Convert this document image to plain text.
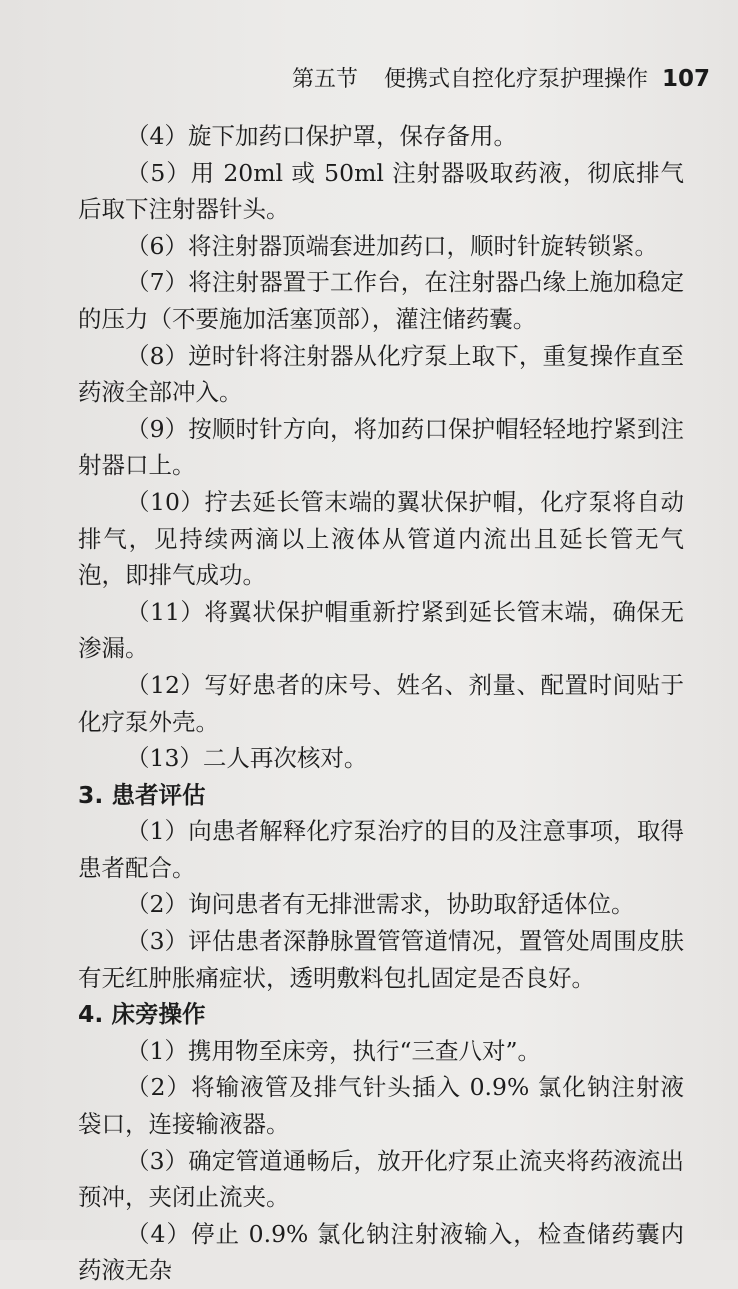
第五节 便携式自控化疗泵护理操作 107

（4）旋下加药口保护罩，保存备用。

（5）用 20ml 或 50ml 注射器吸取药液，彻底排气后取下注射器针头。

（6）将注射器顶端套进加药口，顺时针旋转锁紧。

（7）将注射器置于工作台，在注射器凸缘上施加稳定的压力（不要施加活塞顶部），灌注储药囊。

（8）逆时针将注射器从化疗泵上取下，重复操作直至药液全部冲入。

（9）按顺时针方向，将加药口保护帽轻轻地拧紧到注射器口上。

（10）拧去延长管末端的翼状保护帽，化疗泵将自动排气，见持续两滴以上液体从管道内流出且延长管无气泡，即排气成功。

（11）将翼状保护帽重新拧紧到延长管末端，确保无渗漏。

（12）写好患者的床号、姓名、剂量、配置时间贴于化疗泵外壳。

（13）二人再次核对。

3. 患者评估

（1）向患者解释化疗泵治疗的目的及注意事项，取得患者配合。

（2）询问患者有无排泄需求，协助取舒适体位。

（3）评估患者深静脉置管管道情况，置管处周围皮肤有无红肿胀痛症状，透明敷料包扎固定是否良好。

4. 床旁操作

（1）携用物至床旁，执行“三查八对”。

（2）将输液管及排气针头插入 0.9% 氯化钠注射液袋口，连接输液器。

（3）确定管道通畅后，放开化疗泵止流夹将药液流出预冲，夹闭止流夹。

（4）停止 0.9% 氯化钠注射液输入，检查储药囊内药液无杂
